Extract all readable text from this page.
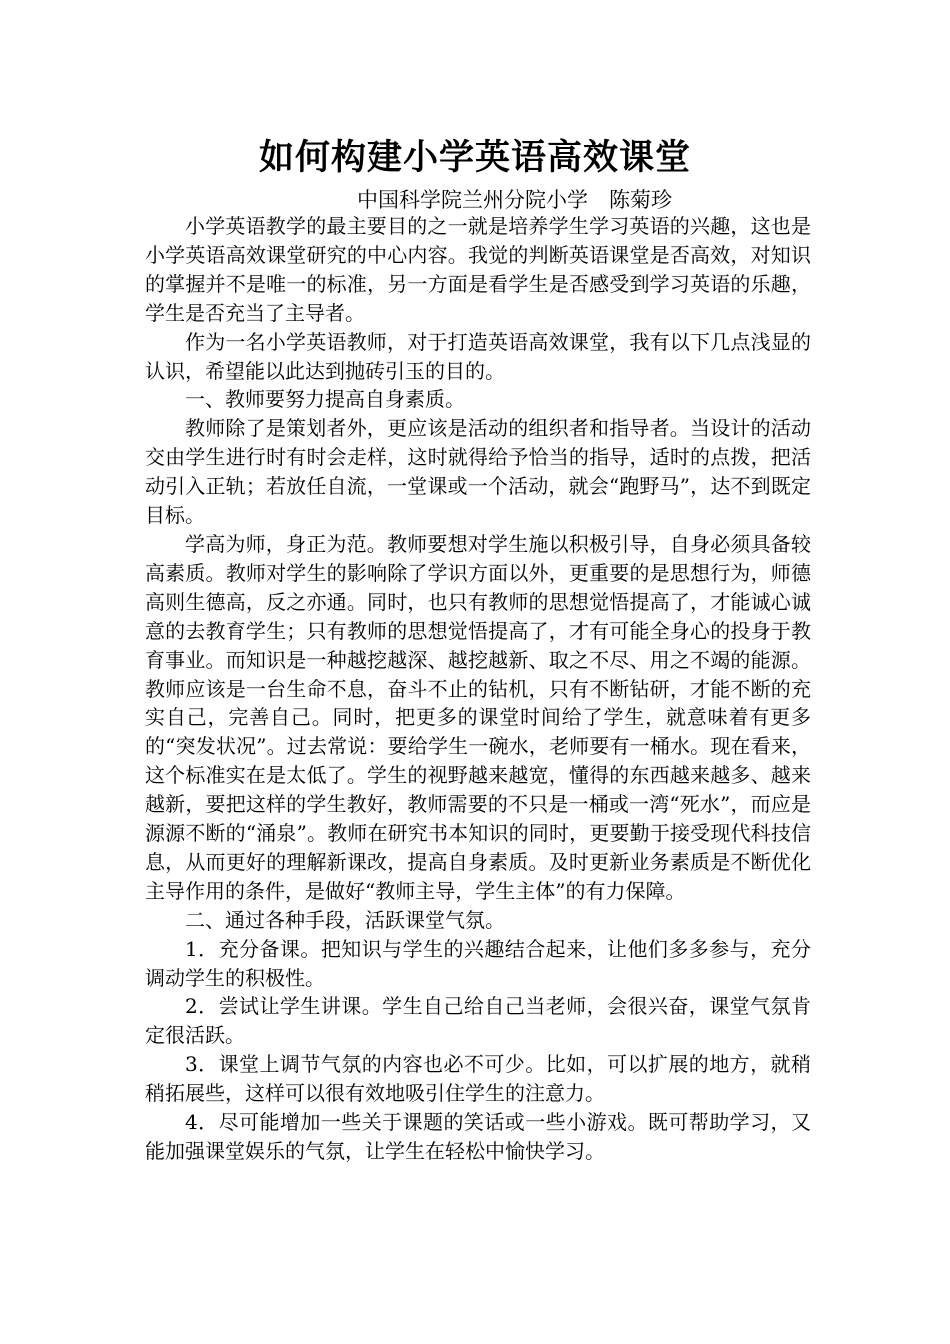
如何构建小学英语高效课堂
中国科学院兰州分院小学　陈菊珍

小学英语教学的最主要目的之一就是培养学生学习英语的兴趣，这也是小学英语高效课堂研究的中心内容。我觉的判断英语课堂是否高效，对知识的掌握并不是唯一的标准，另一方面是看学生是否感受到学习英语的乐趣，学生是否充当了主导者。

作为一名小学英语教师，对于打造英语高效课堂，我有以下几点浅显的认识，希望能以此达到抛砖引玉的目的。

一、教师要努力提高自身素质。

教师除了是策划者外，更应该是活动的组织者和指导者。当设计的活动交由学生进行时有时会走样，这时就得给予恰当的指导，适时的点拨，把活动引入正轨；若放任自流，一堂课或一个活动，就会“跑野马”，达不到既定目标。

学高为师，身正为范。教师要想对学生施以积极引导，自身必须具备较高素质。教师对学生的影响除了学识方面以外，更重要的是思想行为，师德高则生德高，反之亦通。同时，也只有教师的思想觉悟提高了，才能诚心诚意的去教育学生；只有教师的思想觉悟提高了，才有可能全身心的投身于教育事业。而知识是一种越挖越深、越挖越新、取之不尽、用之不竭的能源。教师应该是一台生命不息，奋斗不止的钻机，只有不断钻研，才能不断的充实自己，完善自己。同时，把更多的课堂时间给了学生，就意味着有更多的“突发状况”。过去常说：要给学生一碗水，老师要有一桶水。现在看来，这个标准实在是太低了。学生的视野越来越宽，懂得的东西越来越多、越来越新，要把这样的学生教好，教师需要的不只是一桶或一湾“死水”，而应是源源不断的“涌泉”。教师在研究书本知识的同时，更要勤于接受现代科技信息，从而更好的理解新课改，提高自身素质。及时更新业务素质是不断优化主导作用的条件，是做好“教师主导，学生主体”的有力保障。

二、通过各种手段，活跃课堂气氛。

1．充分备课。把知识与学生的兴趣结合起来，让他们多多参与，充分调动学生的积极性。

2．尝试让学生讲课。学生自己给自己当老师，会很兴奋，课堂气氛肯定很活跃。

3．课堂上调节气氛的内容也必不可少。比如，可以扩展的地方，就稍稍拓展些，这样可以很有效地吸引住学生的注意力。

4．尽可能增加一些关于课题的笑话或一些小游戏。既可帮助学习，又能加强课堂娱乐的气氛，让学生在轻松中愉快学习。
